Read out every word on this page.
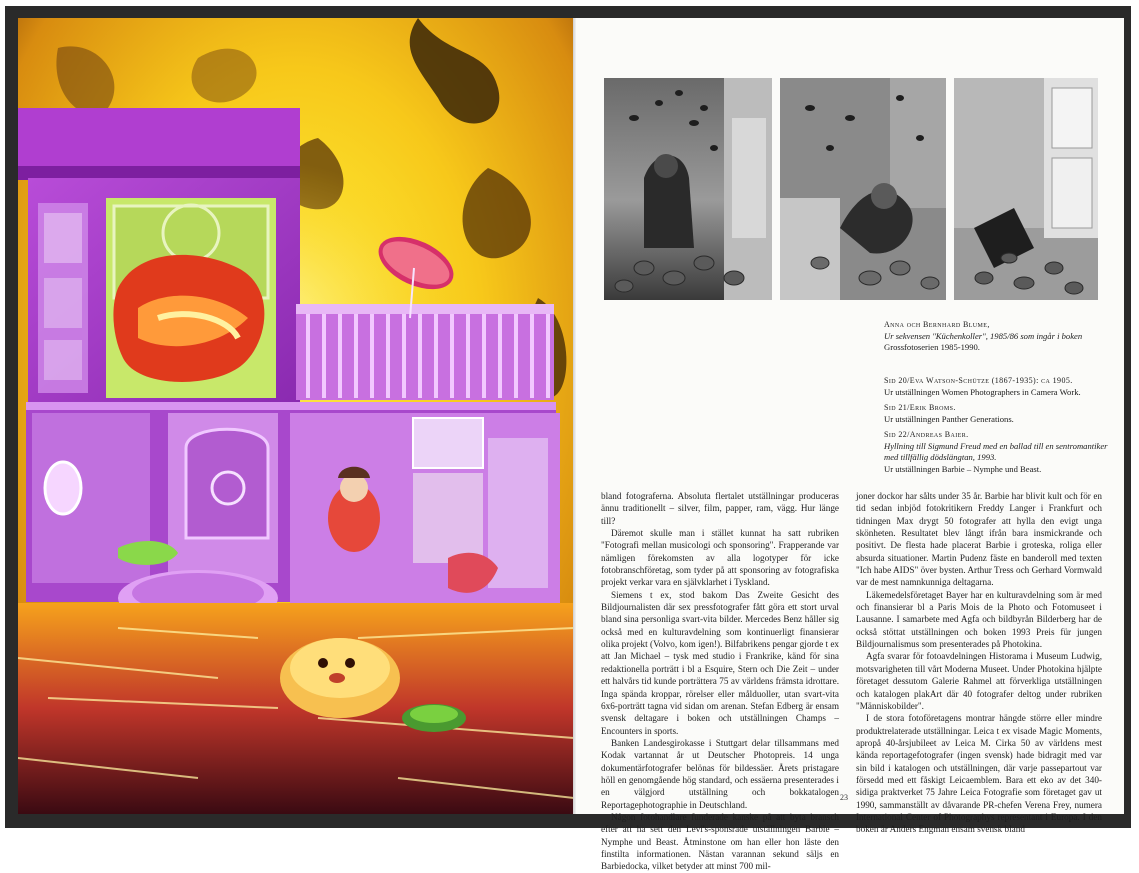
Anna och Bernhard Blume,
Ur sekvensen "Küchenkoller", 1985/86 som ingår i boken
Grossfotoserien 1985-1990.
Sid 20/Eva Watson-Schütze (1867-1935): ca 1905.
Ur utställningen Women Photographers in Camera Work.
Sid 21/Erik Broms.
Ur utställningen Panther Generations.
Sid 22/Andreas Baier.
Hyllning till Sigmund Freud med en ballad till en sentromantiker
med tillfällig dödslängtan, 1993.
Ur utställningen Barbie – Nymphe und Beast.

bland fotograferna. Absoluta flertalet utställningar produceras ännu traditionellt – silver, film, papper, ram, vägg. Hur länge till?

Däremot skulle man i stället kunnat ha satt rubriken "Fotografi mellan musicologi och sponsoring". Frapperande var nämligen förekomsten av alla logotyper för icke fotobranschföretag, som tyder på att sponsoring av fotografiska projekt verkar vara en självklarhet i Tyskland.

Siemens t ex, stod bakom Das Zweite Gesicht des Bildjournalisten där sex pressfotografer fått göra ett stort urval bland sina personliga svart-vita bilder. Mercedes Benz håller sig också med en kulturavdelning som kontinuerligt finansierar olika projekt (Volvo, kom igen!). Bilfabrikens pengar gjorde t ex att Jan Michael – tysk med studio i Frankrike, känd för sina redaktionella porträtt i bl a Esquire, Stern och Die Zeit – under ett halvårs tid kunde porträttera 75 av världens främsta idrottare. Inga spända kroppar, rörelser eller målduoller, utan svart-vita 6x6-porträtt tagna vid sidan om arenan. Stefan Edberg är ensam svensk deltagare i boken och utställningen Champs – Encounters in sports.

Banken Landesgirokasse i Stuttgart delar tillsammans med Kodak vartannat år ut Deutscher Photopreis. 14 unga dokumentärfotografer belönas för bildessäer. Årets pristagare höll en genomgående hög standard, och essäerna presenterades i en välgjord utställning och bokkatalogen Reportagephotographie in Deutschland.

Någon fotohandlare funderade kanske på att byta bransch efter att ha sett den Levi's-sponsrade utställningen Barbie – Nymphe und Beast. Åtminstone om han eller hon läste den finstilta informationen. Nästan varannan sekund säljs en Barbiedocka, vilket betyder att minst 700 mil-

joner dockor har sålts under 35 år. Barbie har blivit kult och för en tid sedan inbjöd fotokritikern Freddy Langer i Frankfurt och tidningen Max drygt 50 fotografer att hylla den evigt unga skönheten. Resultatet blev långt ifrån bara insmickrande och positivt. De flesta hade placerat Barbie i groteska, roliga eller absurda situationer. Martin Pudenz fäste en banderoll med texten "Ich habe AIDS" över bysten. Arthur Tress och Gerhard Vormwald var de mest namnkunniga deltagarna.

Läkemedelsföretaget Bayer har en kulturavdelning som är med och finansierar bl a Paris Mois de la Photo och Fotomuseet i Lausanne. I samarbete med Agfa och bildbyrån Bilderberg har de också stöttat utställningen och boken 1993 Preis für jungen Bildjournalismus som presenterades på Photokina.

Agfa svarar för fotoavdelningen Historama i Museum Ludwig, motsvarigheten till vårt Moderna Museet. Under Photokina hjälpte företaget dessutom Galerie Rahmel att förverkliga utställningen och katalogen plakArt där 40 fotografer deltog under rubriken "Människobilder".

I de stora fotoföretagens montrar hängde större eller mindre produktrelaterade utställningar. Leica t ex visade Magic Moments, apropå 40-årsjubileet av Leica M. Cirka 50 av världens mest kända reportagefotografer (ingen svensk) hade bidragit med var sin bild i katalogen och utställningen, där varje passepartout var försedd med ett fåskigt Leicaemblem. Bara ett eko av det 340-sidiga praktverket 75 Jahre Leica Fotografie som företaget gav ut 1990, sammanställt av dåvarande PR-chefen Verena Frey, numera International Center of Photographys representant i Europa. I den boken är Anders Engman ensam svensk bland

23
